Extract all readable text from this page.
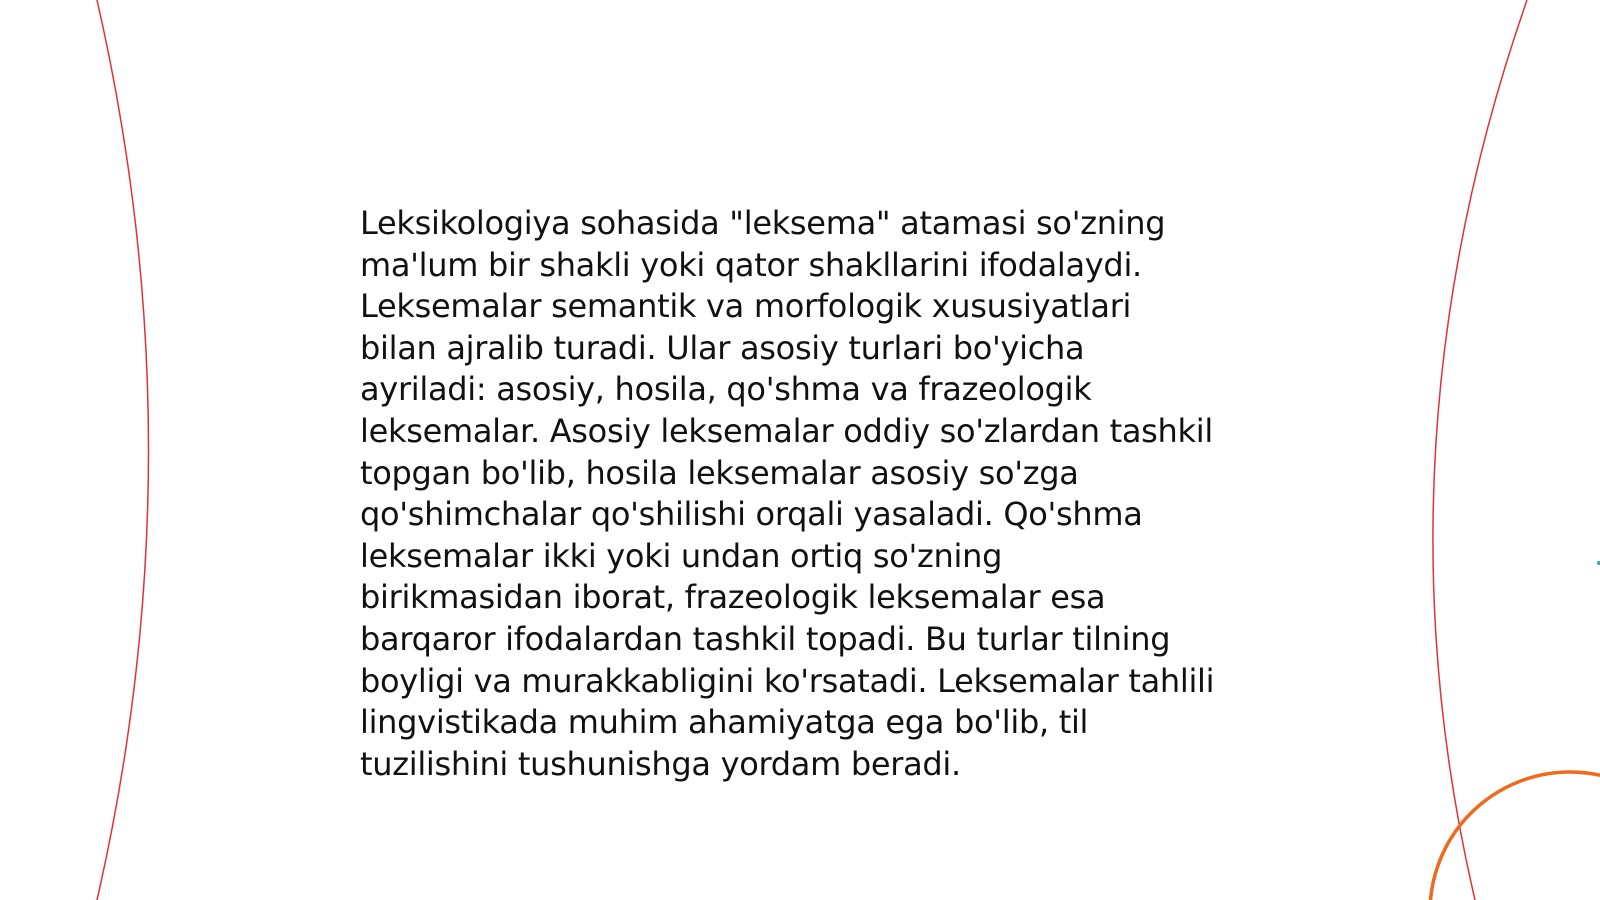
Leksikologiya sohasida "leksema" atamasi so'zning
ma'lum bir shakli yoki qator shakllarini ifodalaydi.
Leksemalar semantik va morfologik xususiyatlari
bilan ajralib turadi. Ular asosiy turlari bo'yicha
ayriladi: asosiy, hosila, qo'shma va frazeologik
leksemalar. Asosiy leksemalar oddiy so'zlardan tashkil
topgan bo'lib, hosila leksemalar asosiy so'zga
qo'shimchalar qo'shilishi orqali yasaladi. Qo'shma
leksemalar ikki yoki undan ortiq so'zning
birikmasidan iborat, frazeologik leksemalar esa
barqaror ifodalardan tashkil topadi. Bu turlar tilning
boyligi va murakkabligini ko'rsatadi. Leksemalar tahlili
lingvistikada muhim ahamiyatga ega bo'lib, til
tuzilishini tushunishga yordam beradi.
